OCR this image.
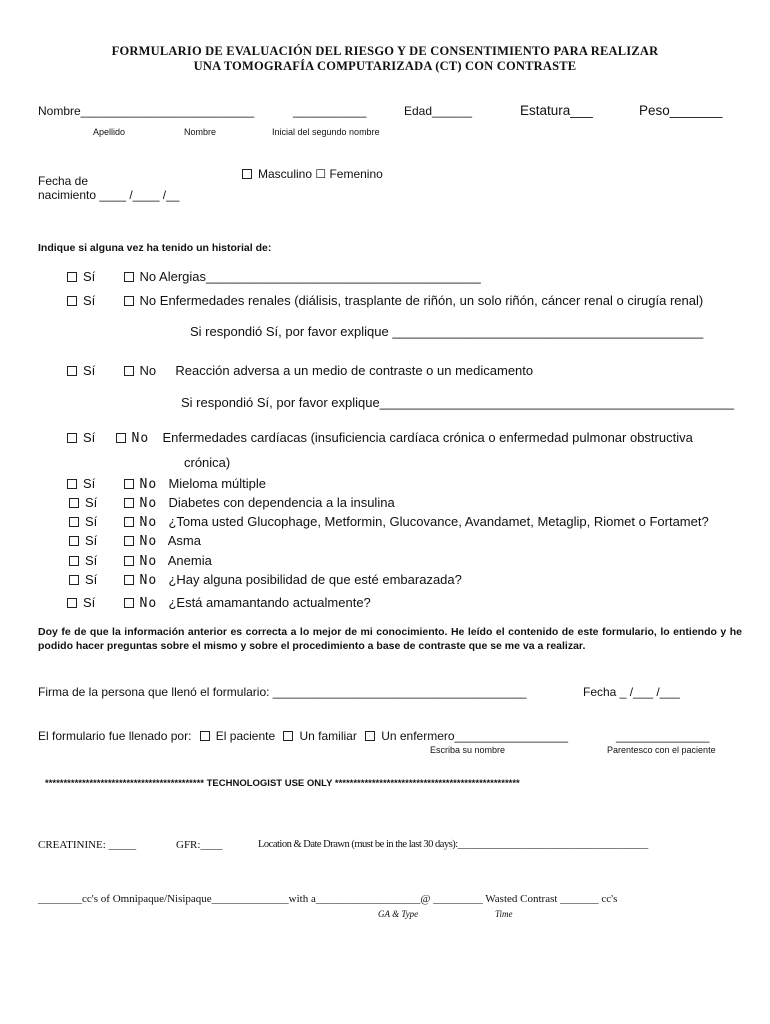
FORMULARIO DE EVALUACIÓN DEL RIESGO Y DE CONSENTIMIENTO PARA REALIZAR
UNA TOMOGRAFÍA COMPUTARIZADA (CT) CON CONTRASTE
Nombre__________________________	___________	Edad______	Estatura___	Peso_______
Apellido	Nombre	Inicial del segundo nombre
Fecha de
nacimiento ____ /____ /__
Masculino ☐ Femenino
Indique si alguna vez ha tenido un historial de:
Sí	No Alergias______________________________________
Sí	No Enfermedades renales (diálisis, trasplante de riñón, un solo riñón, cáncer renal o cirugía renal)
Si respondió Sí, por favor explique ___________________________________________
Sí	No Reacción adversa a un medio de contraste o un medicamento
Si respondió Sí, por favor explique_________________________________________________
Sí	No Enfermedades cardíacas (insuficiencia cardíaca crónica o enfermedad pulmonar obstructiva
crónica)
Sí	No Mieloma múltiple
Sí	No Diabetes con dependencia a la insulina
Sí	No ¿Toma usted Glucophage, Metformin, Glucovance, Avandamet, Metaglip, Riomet o Fortamet?
Sí	No Asma
Sí	No Anemia
Sí	No ¿Hay alguna posibilidad de que esté embarazada?
Sí	No ¿Está amamantando actualmente?
Doy fe de que la información anterior es correcta a lo mejor de mi conocimiento. He leído el contenido de este formulario, lo entiendo y he podido hacer preguntas sobre el mismo y sobre el procedimiento a base de contraste que se me va a realizar.
Firma de la persona que llenó el formulario: ______________________________________	Fecha _ /___ /___
El formulario fue llenado por: El paciente Un familiar Un enfermero_________________	______________
Escriba su nombre	Parentesco con el paciente
******************************************* TECHNOLOGIST USE ONLY **************************************************
CREATININE: _____	GFR:____	Location & Date Drawn (must be in the last 30 days):________________________________________
________cc's of Omnipaque/Nisipaque______________with a___________________@ _________ Wasted Contrast _______ cc's
GA & Type	Time
